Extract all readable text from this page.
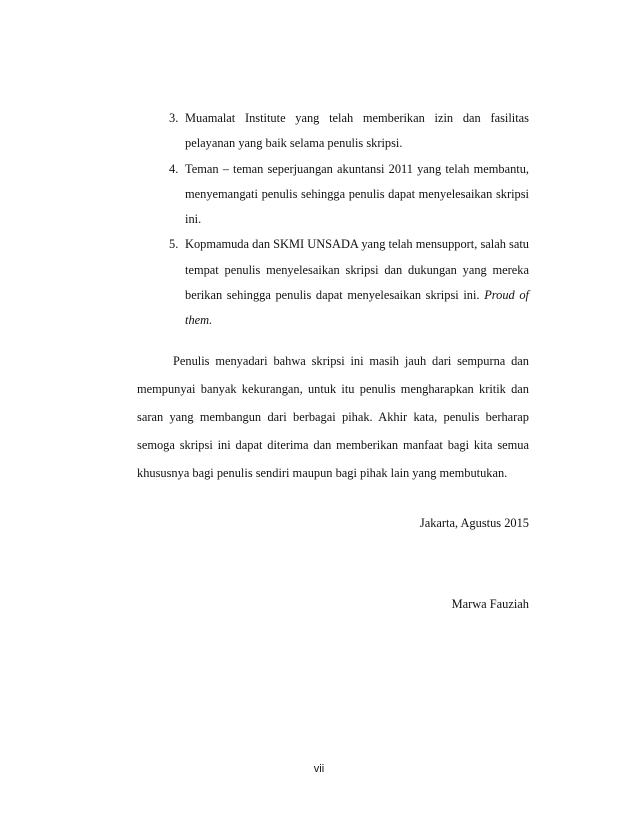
3. Muamalat Institute yang telah memberikan izin dan fasilitas pelayanan yang baik selama penulis skripsi.
4. Teman – teman seperjuangan akuntansi 2011 yang telah membantu, menyemangati penulis sehingga penulis dapat menyelesaikan skripsi ini.
5. Kopmamuda dan SKMI UNSADA yang telah mensupport, salah satu tempat penulis menyelesaikan skripsi dan dukungan yang mereka berikan sehingga penulis dapat menyelesaikan skripsi ini. Proud of them.

Penulis menyadari bahwa skripsi ini masih jauh dari sempurna dan mempunyai banyak kekurangan, untuk itu penulis mengharapkan kritik dan saran yang membangun dari berbagai pihak. Akhir kata, penulis berharap semoga skripsi ini dapat diterima dan memberikan manfaat bagi kita semua khususnya bagi penulis sendiri maupun bagi pihak lain yang membutukan.

Jakarta, Agustus 2015
Marwa Fauziah
vii
